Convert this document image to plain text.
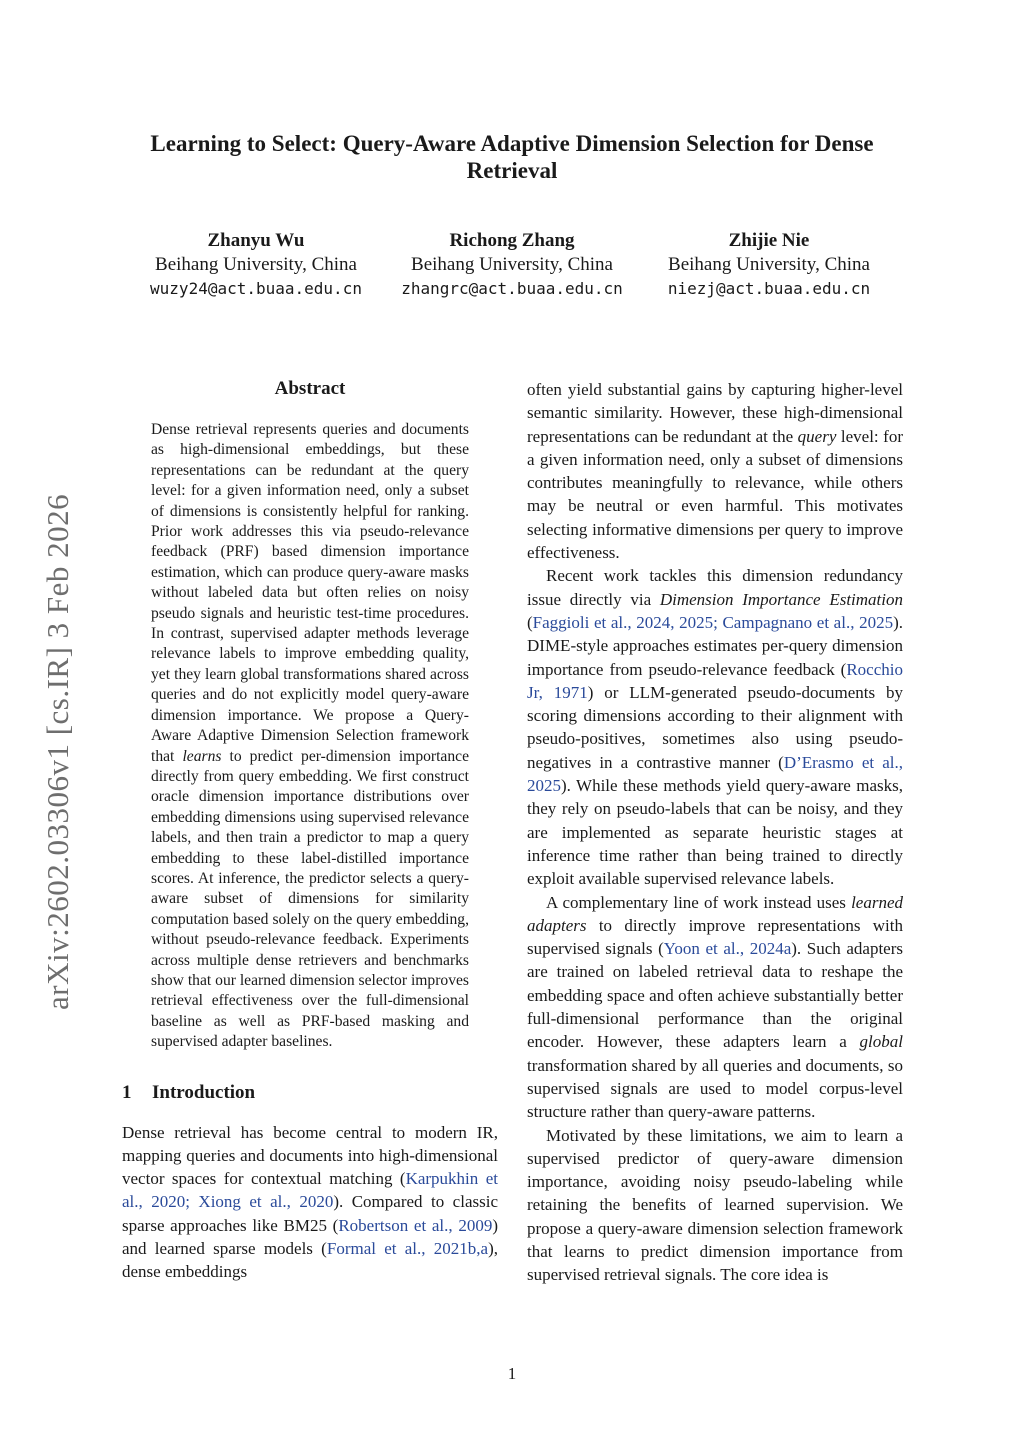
arXiv:2602.03306v1 [cs.IR] 3 Feb 2026
Learning to Select: Query-Aware Adaptive Dimension Selection for Dense Retrieval
Zhanyu Wu
Beihang University, China
wuzy24@act.buaa.edu.cn
Richong Zhang
Beihang University, China
zhangrc@act.buaa.edu.cn
Zhijie Nie
Beihang University, China
niezj@act.buaa.edu.cn
Abstract
Dense retrieval represents queries and documents as high-dimensional embeddings, but these representations can be redundant at the query level: for a given information need, only a subset of dimensions is consistently helpful for ranking. Prior work addresses this via pseudo-relevance feedback (PRF) based dimension importance estimation, which can produce query-aware masks without labeled data but often relies on noisy pseudo signals and heuristic test-time procedures. In contrast, supervised adapter methods leverage relevance labels to improve embedding quality, yet they learn global transformations shared across queries and do not explicitly model query-aware dimension importance. We propose a Query-Aware Adaptive Dimension Selection framework that learns to predict per-dimension importance directly from query embedding. We first construct oracle dimension importance distributions over embedding dimensions using supervised relevance labels, and then train a predictor to map a query embedding to these label-distilled importance scores. At inference, the predictor selects a query-aware subset of dimensions for similarity computation based solely on the query embedding, without pseudo-relevance feedback. Experiments across multiple dense retrievers and benchmarks show that our learned dimension selector improves retrieval effectiveness over the full-dimensional baseline as well as PRF-based masking and supervised adapter baselines.
1 Introduction

Dense retrieval has become central to modern IR, mapping queries and documents into high-dimensional vector spaces for contextual matching (Karpukhin et al., 2020; Xiong et al., 2020). Compared to classic sparse approaches like BM25 (Robertson et al., 2009) and learned sparse models (Formal et al., 2021b,a), dense embeddings

often yield substantial gains by capturing higher-level semantic similarity. However, these high-dimensional representations can be redundant at the query level: for a given information need, only a subset of dimensions contributes meaningfully to relevance, while others may be neutral or even harmful. This motivates selecting informative dimensions per query to improve effectiveness.

Recent work tackles this dimension redundancy issue directly via Dimension Importance Estimation (Faggioli et al., 2024, 2025; Campagnano et al., 2025). DIME-style approaches estimates per-query dimension importance from pseudo-relevance feedback (Rocchio Jr, 1971) or LLM-generated pseudo-documents by scoring dimensions according to their alignment with pseudo-positives, sometimes also using pseudo-negatives in a contrastive manner (D’Erasmo et al., 2025). While these methods yield query-aware masks, they rely on pseudo-labels that can be noisy, and they are implemented as separate heuristic stages at inference time rather than being trained to directly exploit available supervised relevance labels.

A complementary line of work instead uses learned adapters to directly improve representations with supervised signals (Yoon et al., 2024a). Such adapters are trained on labeled retrieval data to reshape the embedding space and often achieve substantially better full-dimensional performance than the original encoder. However, these adapters learn a global transformation shared by all queries and documents, so supervised signals are used to model corpus-level structure rather than query-aware patterns.

Motivated by these limitations, we aim to learn a supervised predictor of query-aware dimension importance, avoiding noisy pseudo-labeling while retaining the benefits of learned supervision. We propose a query-aware dimension selection framework that learns to predict dimension importance from supervised retrieval signals. The core idea is

1
